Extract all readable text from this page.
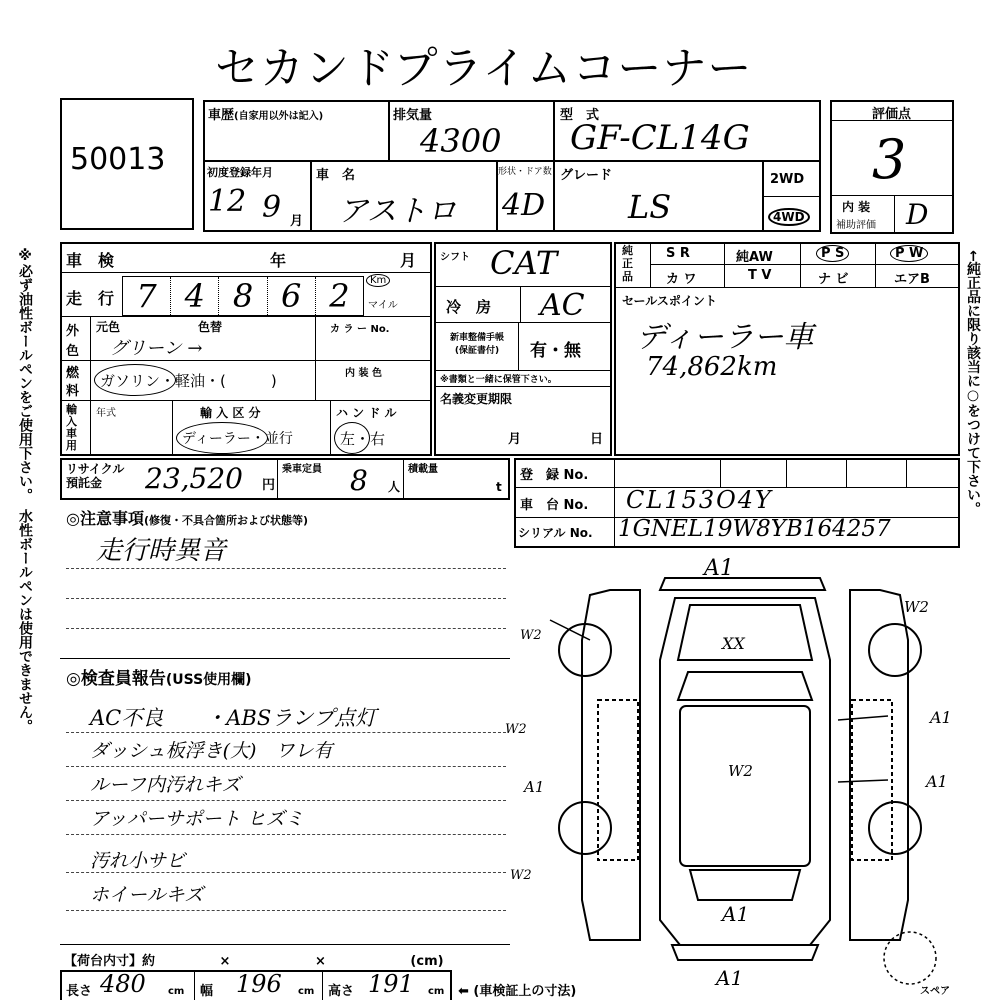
セカンドプライムコーナー
50013
車歴(自家用以外は記入)	排気量
4300
型　式
GF-CL14G
初度登録年月
12 9 月
車　名
アストロ
形状・ドア数
4D
グレード
LS
2WD
4WD
評価点
3
内 装
補助評価 D
※必ず油性ボールペンをご使用下さい。　水性ボールペンは使用できません。	←純正品に限り該当に○をつけて下さい。
車　検	年	月
走　行 7 4 8 6 2	Km
マイル
外
色
元色	色替	カ ラ ー No.
グリーン →
燃
料
ガソリン・軽油・(　　　)	内 装 色
輸入車用
年式	輸 入 区 分
ディーラー・並行
ハ ン ド ル
左・右
シフト CAT
冷　房 AC
新車整備手帳
(保証書付)	有・無
※書類と一緒に保管下さい。
名義変更期限
月	日
純正品
S R	純AW	P S	P W
カ ワ	T V	ナ ビ	エアB
セールスポイント
ディーラー車
74,862km
リサイクル
預託金	23,520 円
乗車定員 8 人
積載量
t
登　録 No.
車　台 No. CL153O4Y
シリアル No. 1GNEL19W8YB164257
◎注意事項(修復・不具合箇所および状態等)
走行時異音
◎検査員報告(USS使用欄)
AC不良　　・ABSランプ点灯
ダッシュ板浮き(大)　ワレ有
ルーフ内汚れキズ
アッパーサポート ヒズミ
汚れ小サビ
ホイールキズ
【荷台内寸】約	×	×	(cm)
長さ 480 cm 幅 196 cm 高さ 191 cm ⬅ (車検証上の寸法)
A1
XX
W2
W2
W2
A1
W2
A1	A1
W2
A1
A1
スペア
